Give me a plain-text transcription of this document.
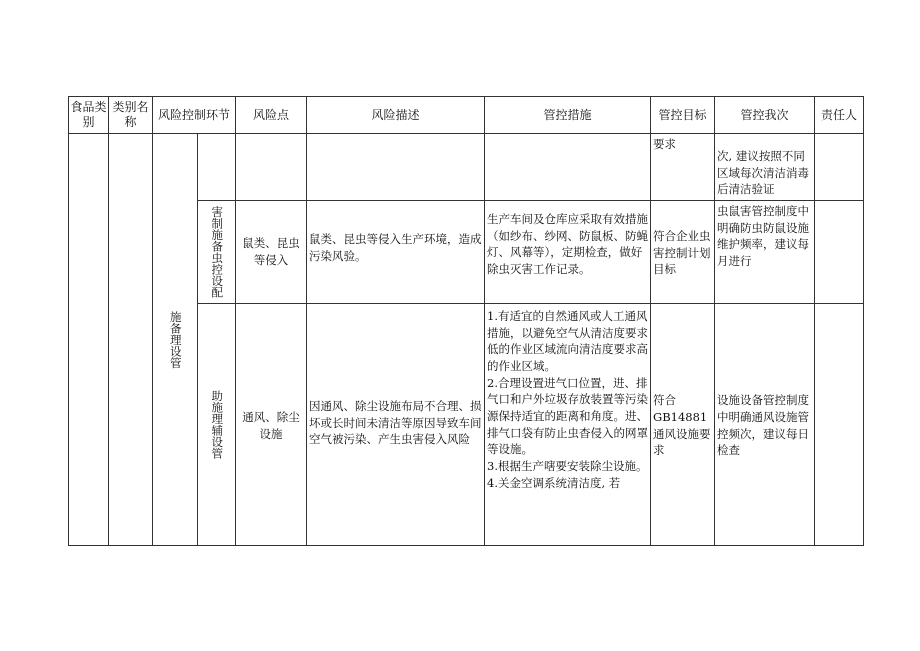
食品类别	类别名称	风险控制环节		风险点	风险描述	管控措施	管控目标	管控我次	责任人

		施备理设管					要求	次, 建议按照不同区域每次清洁消毒后清洁验证	

			害制施备虫控设配	鼠类、昆虫等侵入	鼠类、昆虫等侵入生产环境，造成污染风验。	生产车间及仓库应采取有效措施（如纱布、纱网、防鼠板、防蝇灯、风幕等），定期检查，做好除虫灭害工作记录。	符合企业虫害控制计划目标	虫鼠害管控制度中明确防虫防鼠设施维护频率，建议每月进行	

			助施理辅设管	通风、除尘设施	因通风、除尘设施布局不合理、损坏或长时间未清洁等原因导致车间空气被污染、产生虫害侵入风险	1.有适宜的自然通风或人工通风措施，以避免空气从清洁度要求低的作业区域流向清洁度要求高的作业区域。
2.合理设置进气口位置，进、排气口和户外垃圾存放装置等污染源保持适宜的距离和角度。进、排气口袋有防止虫杳侵入的网罩等设施。
3.根据生产嗐要安装除尘设施。
4.关金空调系统清洁度, 若	符合GB14881通风设施要求	设施设备管控制度中明确通风设施管控频次，建议每日检查	
